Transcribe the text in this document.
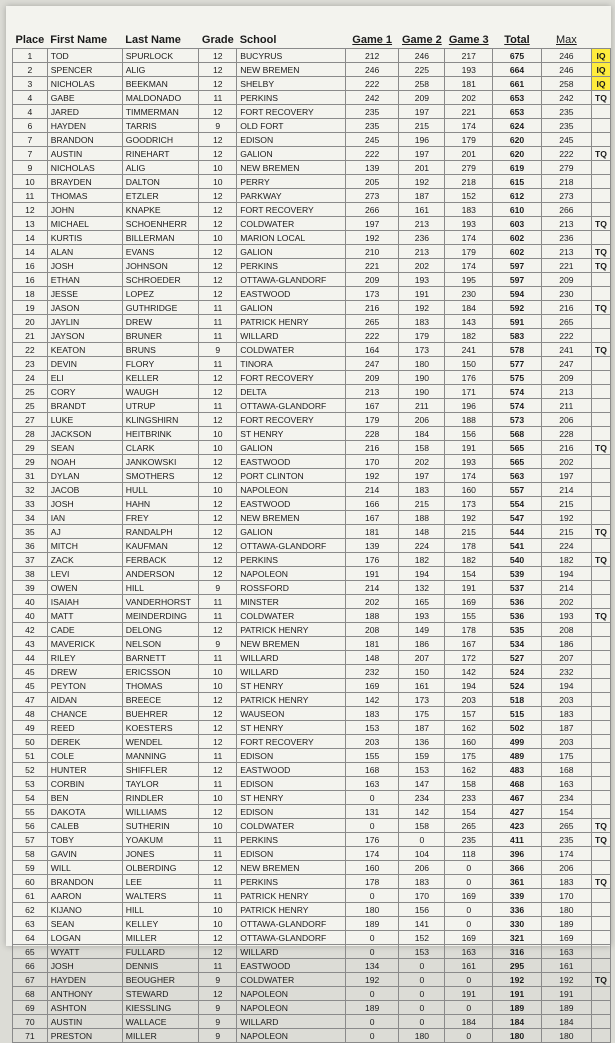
Place	First Name	Last Name	Grade	School	Game 1	Game 2	Game 3	Total	Max	
1	TOD	SPURLOCK	12	BUCYRUS	212	246	217	675	246	IQ
2	SPENCER	ALIG	12	NEW BREMEN	246	225	193	664	246	IQ
3	NICHOLAS	BEEKMAN	12	SHELBY	222	258	181	661	258	IQ
4	GABE	MALDONADO	11	PERKINS	242	209	202	653	242	TQ
4	JARED	TIMMERMAN	12	FORT RECOVERY	235	197	221	653	235	
6	HAYDEN	TARRIS	9	OLD FORT	235	215	174	624	235	
7	BRANDON	GOODRICH	12	EDISON	245	196	179	620	245	
7	AUSTIN	RINEHART	12	GALION	222	197	201	620	222	TQ
9	NICHOLAS	ALIG	10	NEW BREMEN	139	201	279	619	279	
10	BRAYDEN	DALTON	10	PERRY	205	192	218	615	218	
11	THOMAS	ETZLER	12	PARKWAY	273	187	152	612	273	
12	JOHN	KNAPKE	12	FORT RECOVERY	266	161	183	610	266	
13	MICHAEL	SCHOENHERR	12	COLDWATER	197	213	193	603	213	TQ
14	KURTIS	BILLERMAN	10	MARION LOCAL	192	236	174	602	236	
14	ALAN	EVANS	12	GALION	210	213	179	602	213	TQ
16	JOSH	JOHNSON	12	PERKINS	221	202	174	597	221	TQ
16	ETHAN	SCHROEDER	12	OTTAWA-GLANDORF	209	193	195	597	209	
18	JESSE	LOPEZ	12	EASTWOOD	173	191	230	594	230	
19	JASON	GUTHRIDGE	11	GALION	216	192	184	592	216	TQ
20	JAYLIN	DREW	11	PATRICK HENRY	265	183	143	591	265	
21	JAYSON	BRUNER	11	WILLARD	222	179	182	583	222	
22	KEATON	BRUNS	9	COLDWATER	164	173	241	578	241	TQ
23	DEVIN	FLORY	11	TINORA	247	180	150	577	247	
24	ELI	KELLER	12	FORT RECOVERY	209	190	176	575	209	
25	CORY	WAUGH	12	DELTA	213	190	171	574	213	
25	BRANDT	UTRUP	11	OTTAWA-GLANDORF	167	211	196	574	211	
27	LUKE	KLINGSHIRN	12	FORT RECOVERY	179	206	188	573	206	
28	JACKSON	HEITBRINK	10	ST HENRY	228	184	156	568	228	
29	SEAN	CLARK	10	GALION	216	158	191	565	216	TQ
29	NOAH	JANKOWSKI	12	EASTWOOD	170	202	193	565	202	
31	DYLAN	SMOTHERS	12	PORT CLINTON	192	197	174	563	197	
32	JACOB	HULL	10	NAPOLEON	214	183	160	557	214	
33	JOSH	HAHN	12	EASTWOOD	166	215	173	554	215	
34	IAN	FREY	12	NEW BREMEN	167	188	192	547	192	
35	AJ	RANDALPH	12	GALION	181	148	215	544	215	TQ
36	MITCH	KAUFMAN	12	OTTAWA-GLANDORF	139	224	178	541	224	
37	ZACK	FERBACK	12	PERKINS	176	182	182	540	182	TQ
38	LEVI	ANDERSON	12	NAPOLEON	191	194	154	539	194	
39	OWEN	HILL	9	ROSSFORD	214	132	191	537	214	
40	ISAIAH	VANDERHORST	11	MINSTER	202	165	169	536	202	
40	MATT	MEINDERDING	11	COLDWATER	188	193	155	536	193	TQ
42	CADE	DELONG	12	PATRICK HENRY	208	149	178	535	208	
43	MAVERICK	NELSON	9	NEW BREMEN	181	186	167	534	186	
44	RILEY	BARNETT	11	WILLARD	148	207	172	527	207	
45	DREW	ERICSSON	10	WILLARD	232	150	142	524	232	
45	PEYTON	THOMAS	10	ST HENRY	169	161	194	524	194	
47	AIDAN	BREECE	12	PATRICK HENRY	142	173	203	518	203	
48	CHANCE	BUEHRER	12	WAUSEON	183	175	157	515	183	
49	REED	KOESTERS	12	ST HENRY	153	187	162	502	187	
50	DEREK	WENDEL	12	FORT RECOVERY	203	136	160	499	203	
51	COLE	MANNING	11	EDISON	155	159	175	489	175	
52	HUNTER	SHIFFLER	12	EASTWOOD	168	153	162	483	168	
53	CORBIN	TAYLOR	11	EDISON	163	147	158	468	163	
54	BEN	RINDLER	10	ST HENRY	0	234	233	467	234	
55	DAKOTA	WILLIAMS	12	EDISON	131	142	154	427	154	
56	CALEB	SUTHERIN	10	COLDWATER	0	158	265	423	265	TQ
57	TOBY	YOAKUM	11	PERKINS	176	0	235	411	235	TQ
58	GAVIN	JONES	11	EDISON	174	104	118	396	174	
59	WILL	OLBERDING	12	NEW BREMEN	160	206	0	366	206	
60	BRANDON	LEE	11	PERKINS	178	183	0	361	183	TQ
61	AARON	WALTERS	11	PATRICK HENRY	0	170	169	339	170	
62	KIJANO	HILL	10	PATRICK HENRY	180	156	0	336	180	
63	SEAN	KELLEY	10	OTTAWA-GLANDORF	189	141	0	330	189	
64	LOGAN	MILLER	12	OTTAWA-GLANDORF	0	152	169	321	169	
65	WYATT	FULLARD	12	WILLARD	0	153	163	316	163	
66	JOSH	DENNIS	11	EASTWOOD	134	0	161	295	161	
67	HAYDEN	BEOUGHER	9	COLDWATER	192	0	0	192	192	TQ
68	ANTHONY	STEWARD	12	NAPOLEON	0	0	191	191	191	
69	ASHTON	KIESSLING	9	NAPOLEON	189	0	0	189	189	
70	AUSTIN	WALLACE	9	WILLARD	0	0	184	184	184	
71	PRESTON	MILLER	9	NAPOLEON	0	180	0	180	180	
